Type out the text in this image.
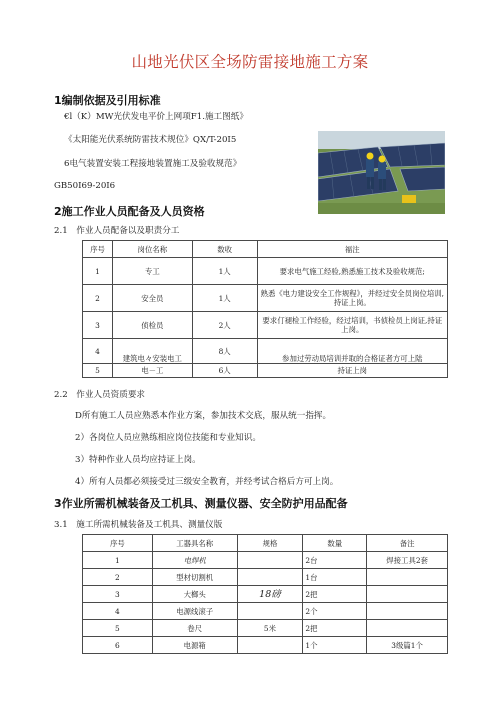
山地光伏区全场防雷接地施工方案
1编制依据及引用标准
€l（K）MW光伏发电平价上网项F1.施工图纸》
《太阳能光伏系统防雷技术规位》QX/T-20I5
6电气装置安装工程接地装置施工及验收规范》
GB50I69-20I6
2施工作业人员配备及人员资格
2.1　作业人员配备以及职责分工
序号	岗位名称	数收	福注
1	专工	1人	要求电气施工经验,熟悉施工技术及验收规范;
2	安全员	1人	熟悉《电力建设安全工作规程》，并经过安全员岗位培训,持证上岗。
3	侦检员	2人	要求仃褪检工作经验，经过培训，书侦检员上岗证,持证上岗。
4	建筑电々安装电工	8人	参加过劳动局培训并取的合格证者方可上陆
5	电－工	6人	持证上岗
2.2　作业人员资质要求
D所有施工人员应熟悉本作业方案，参加技术交底，服从统一指挥。
2）各岗位人员应熟练相应岗位技能和专业知识。
3）特种作业人员均应持证上岗。
4）所有人员都必须接受过三级安全教育，并经考试合格后方可上岗。
3作业所需机械装备及工机具、测量仪器、安全防护用品配备
3.1　施工所需机械装备及工机具、测量仪版
序号	工器具名称	规格	数量	备注
1	电焊机		2台	焊接工具2套
2	型材切割机		1台	
3	大榔头	18磅	2把	
4	电源线滚子		2个	
5	卷尺	5米	2把	
6	电源箱		1个	3级篇1个
